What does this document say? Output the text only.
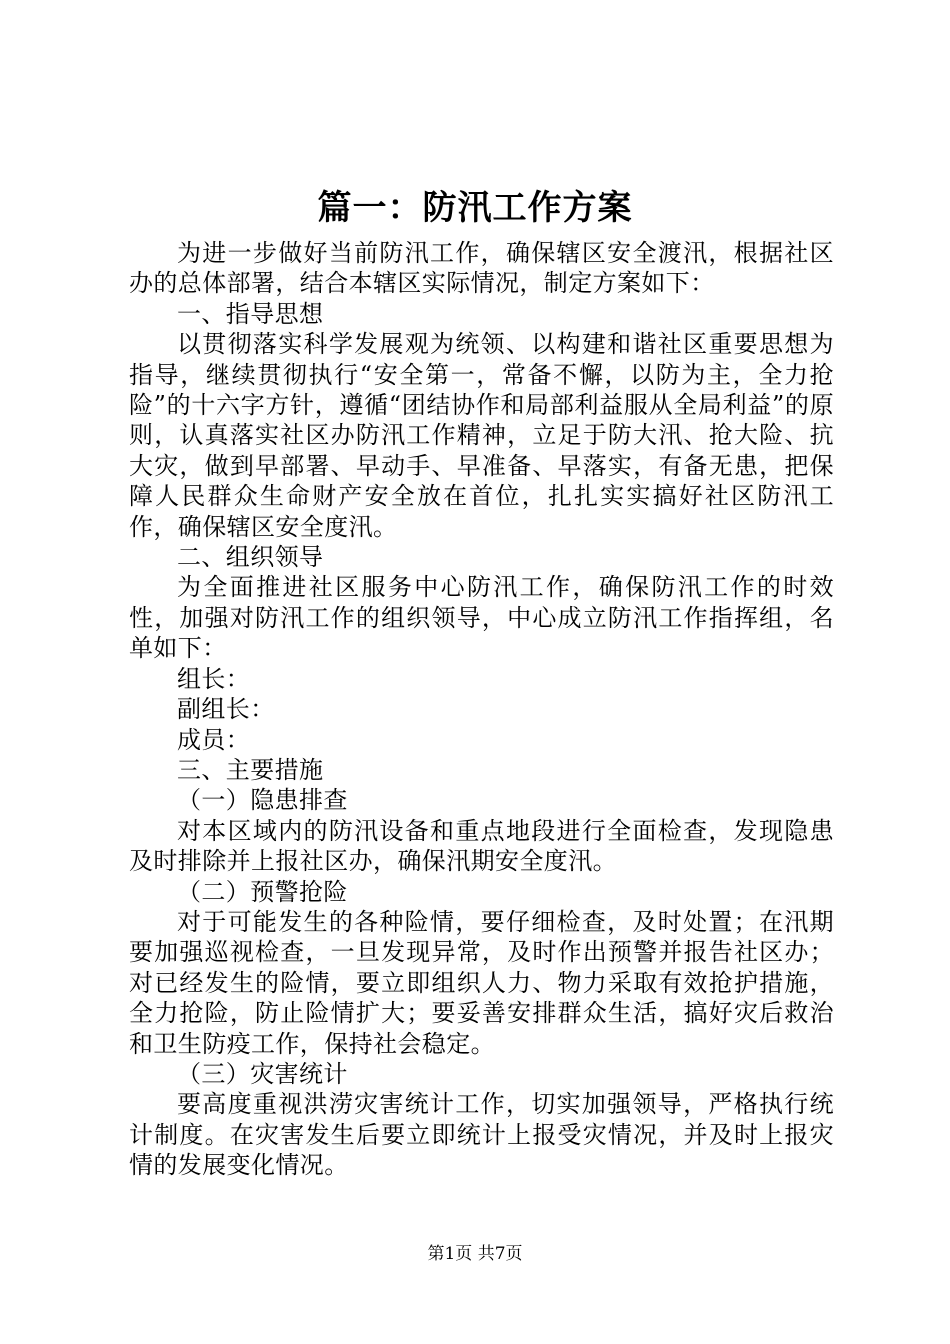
篇一：防汛工作方案

为进一步做好当前防汛工作，确保辖区安全渡汛，根据社区办的总体部署，结合本辖区实际情况，制定方案如下：

一、指导思想

以贯彻落实科学发展观为统领、以构建和谐社区重要思想为指导，继续贯彻执行“安全第一，常备不懈，以防为主，全力抢险”的十六字方针，遵循“团结协作和局部利益服从全局利益”的原则，认真落实社区办防汛工作精神，立足于防大汛、抢大险、抗大灾，做到早部署、早动手、早准备、早落实，有备无患，把保障人民群众生命财产安全放在首位，扎扎实实搞好社区防汛工作，确保辖区安全度汛。

二、组织领导

为全面推进社区服务中心防汛工作，确保防汛工作的时效性，加强对防汛工作的组织领导，中心成立防汛工作指挥组，名单如下：

组长：

副组长：

成员：

三、主要措施

（一）隐患排查

对本区域内的防汛设备和重点地段进行全面检查，发现隐患及时排除并上报社区办，确保汛期安全度汛。

（二）预警抢险

对于可能发生的各种险情，要仔细检查，及时处置；在汛期要加强巡视检查，一旦发现异常，及时作出预警并报告社区办；对已经发生的险情，要立即组织人力、物力采取有效抢护措施，全力抢险，防止险情扩大；要妥善安排群众生活，搞好灾后救治和卫生防疫工作，保持社会稳定。

（三）灾害统计

要高度重视洪涝灾害统计工作，切实加强领导，严格执行统计制度。在灾害发生后要立即统计上报受灾情况，并及时上报灾情的发展变化情况。

第1页 共7页
